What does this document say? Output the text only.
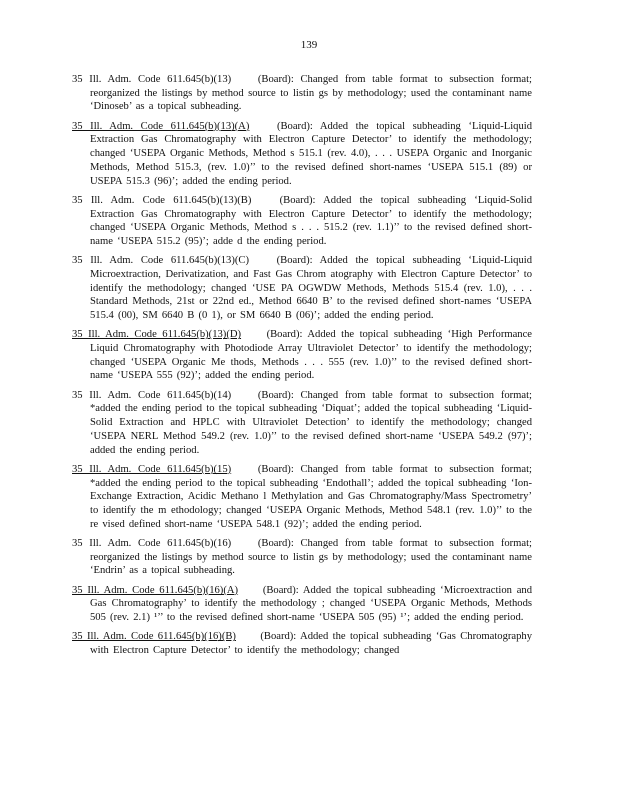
139

35 Ill. Adm. Code 611.645(b)(13)	(Board): Changed from table format to subsection format; reorganized the listings by method source to listin gs by methodology; used the contaminant name ‘Dinoseb’ as a topical subheading.

35 Ill. Adm. Code 611.645(b)(13)(A)	(Board): Added the topical subheading ‘Liquid-Liquid Extraction Gas Chromatography with Electron Capture Detector’ to identify the methodology; changed ‘USEPA Organic Methods, Method s 515.1 (rev. 4.0), . . . USEPA Organic and Inorganic Methods, Method 515.3, (rev. 1.0)’’ to the revised defined short-names ‘USEPA 515.1 (89) or USEPA 515.3 (96)’; added the ending period.

35 Ill. Adm. Code 611.645(b)(13)(B)	(Board): Added the topical subheading ‘Liquid-Solid Extraction Gas Chromatography with Electron Capture Detector’ to identify the methodology; changed ‘USEPA Organic Methods, Method s . . . 515.2 (rev. 1.1)’’ to the revised defined short-name ‘USEPA 515.2 (95)’; adde d the ending period.

35 Ill. Adm. Code 611.645(b)(13)(C)	(Board): Added the topical subheading ‘Liquid-Liquid Microextraction, Derivatization, and Fast Gas Chrom atography with Electron Capture Detector’ to identify the methodology; changed ‘USE PA OGWDW Methods, Methods 515.4 (rev. 1.0), . . . Standard Methods, 21st or 22nd ed., Method 6640 B’ to the revised defined short-names ‘USEPA 515.4 (00), SM 6640 B (0 1), or SM 6640 B (06)’; added the ending period.

35 Ill. Adm. Code 611.645(b)(13)(D) (Board): Added the topical subheading ‘High Performance Liquid Chromatography with Photodiode Array Ultraviolet Detector’ to identify the methodology; changed ‘USEPA Organic Me thods, Methods . . . 555 (rev. 1.0)’’ to the revised defined short-name ‘USEPA 555 (92)’; added the ending period.

35 Ill. Adm. Code 611.645(b)(14)	(Board): Changed from table format to subsection format; *added the ending period to the topical subheading ‘Diquat’; added the topical subheading ‘Liquid-Solid Extraction and HPLC with Ultraviolet Detection’ to identify the methodology; changed ‘USEPA NERL Method 549.2 (rev. 1.0)’’ to the revised defined short-name ‘USEPA 549.2 (97)’; added the ending period.

35 Ill. Adm. Code 611.645(b)(15)	(Board): Changed from table format to subsection format; *added the ending period to the topical subheading ‘Endothall’; added the topical subheading ‘Ion-Exchange Extraction, Acidic Methano l Methylation and Gas Chromatography/Mass Spectrometry’ to identify the m ethodology; changed ‘USEPA Organic Methods, Method 548.1 (rev. 1.0)’’ to the re vised defined short-name ‘USEPA 548.1 (92)’; added the ending period.

35 Ill. Adm. Code 611.645(b)(16)	(Board): Changed from table format to subsection format; reorganized the listings by method source to listin gs by methodology; used the contaminant name ‘Endrin’ as a topical subheading.

35 Ill. Adm. Code 611.645(b)(16)(A) (Board): Added the topical subheading ‘Microextraction and Gas Chromatography’ to identify the methodology ; changed ‘USEPA Organic Methods, Methods 505 (rev. 2.1) ¹’’ to the revised defined short-name ‘USEPA 505 (95) ¹’; added the ending period.

35 Ill. Adm. Code 611.645(b)(16)(B) (Board): Added the topical subheading ‘Gas Chromatography with Electron Capture Detector’ to identify the methodology; changed
